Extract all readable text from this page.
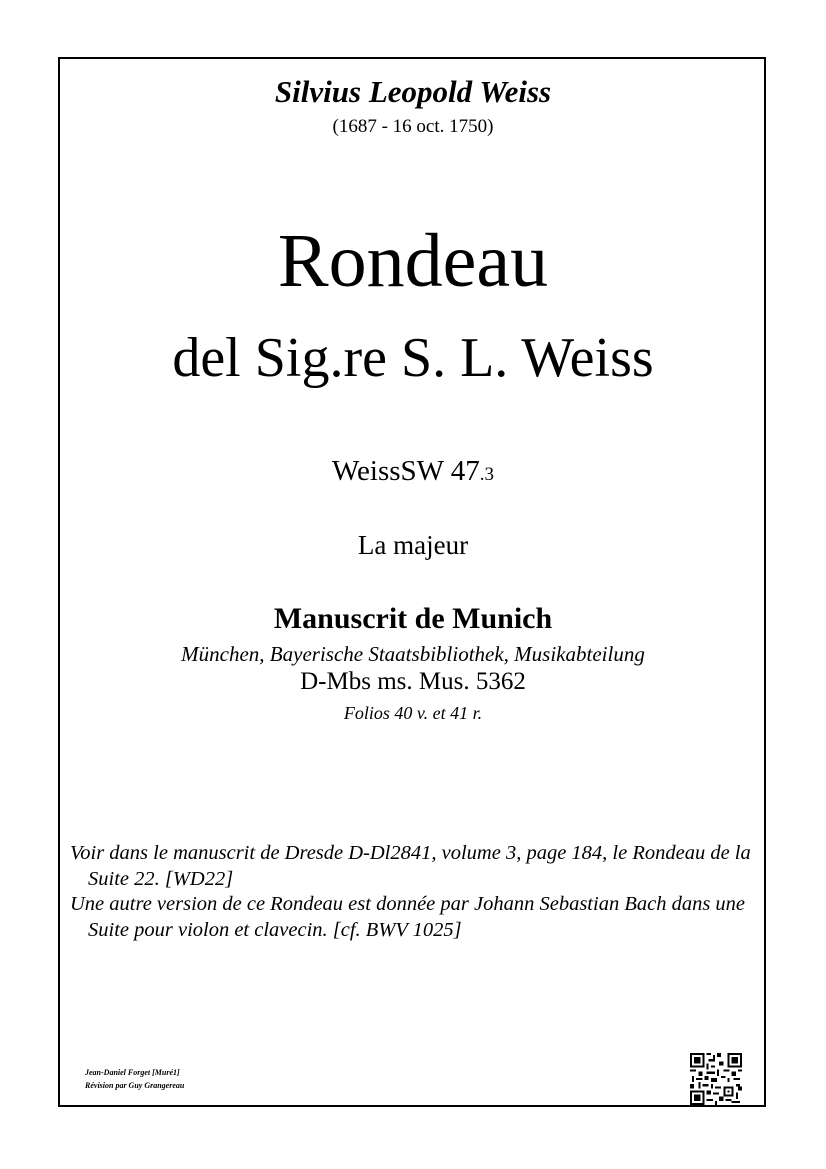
Silvius Leopold Weiss
(1687 - 16 oct. 1750)
Rondeau
del Sig.re S. L. Weiss
WeissSW 47.3
La majeur
Manuscrit de Munich
München, Bayerische Staatsbibliothek, Musikabteilung
D-Mbs ms. Mus. 5362
Folios 40 v. et 41 r.

Voir dans le manuscrit de Dresde D-Dl2841, volume 3, page 184, le Rondeau de la Suite 22. [WD22]

Une autre version de ce Rondeau est donnée par Johann Sebastian Bach dans une Suite pour violon et clavecin. [cf. BWV 1025]

Jean-Daniel Forget [Muré1]
Révision par Guy Grangereau
